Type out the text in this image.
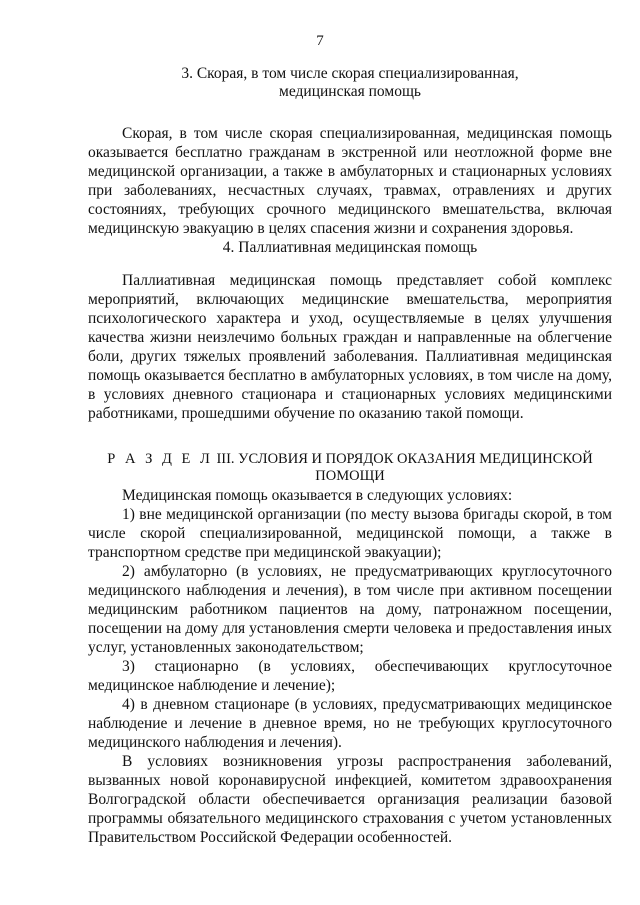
7
3. Скорая, в том числе скорая специализированная,
медицинская помощь

Скорая, в том числе скорая специализированная, медицинская помощь оказывается бесплатно гражданам в экстренной или неотложной форме вне медицинской организации, а также в амбулаторных и стационарных условиях при заболеваниях, несчастных случаях, травмах, отравлениях и других состояниях, требующих срочного медицинского вмешательства, включая медицинскую эвакуацию в целях спасения жизни и сохранения здоровья.

4. Паллиативная медицинская помощь

Паллиативная медицинская помощь представляет собой комплекс мероприятий, включающих медицинские вмешательства, мероприятия психологического характера и уход, осуществляемые в целях улучшения качества жизни неизлечимо больных граждан и направленные на облегчение боли, других тяжелых проявлений заболевания. Паллиативная медицинская помощь оказывается бесплатно в амбулаторных условиях, в том числе на дому, в условиях дневного стационара и стационарных условиях медицинскими работниками, прошедшими обучение по оказанию такой помощи.

Р А З Д Е Л III. УСЛОВИЯ И ПОРЯДОК ОКАЗАНИЯ МЕДИЦИНСКОЙ ПОМОЩИ
Медицинская помощь оказывается в следующих условиях:
1) вне медицинской организации (по месту вызова бригады скорой, в том числе скорой специализированной, медицинской помощи, а также в транспортном средстве при медицинской эвакуации);
2) амбулаторно (в условиях, не предусматривающих круглосуточного медицинского наблюдения и лечения), в том числе при активном посещении медицинским работником пациентов на дому, патронажном посещении, посещении на дому для установления смерти человека и предоставления иных услуг, установленных законодательством;
3) стационарно (в условиях, обеспечивающих круглосуточное медицинское наблюдение и лечение);
4) в дневном стационаре (в условиях, предусматривающих медицинское наблюдение и лечение в дневное время, но не требующих круглосуточного медицинского наблюдения и лечения).
В условиях возникновения угрозы распространения заболеваний, вызванных новой коронавирусной инфекцией, комитетом здравоохранения Волгоградской области обеспечивается организация реализации базовой программы обязательного медицинского страхования с учетом установленных Правительством Российской Федерации особенностей.
